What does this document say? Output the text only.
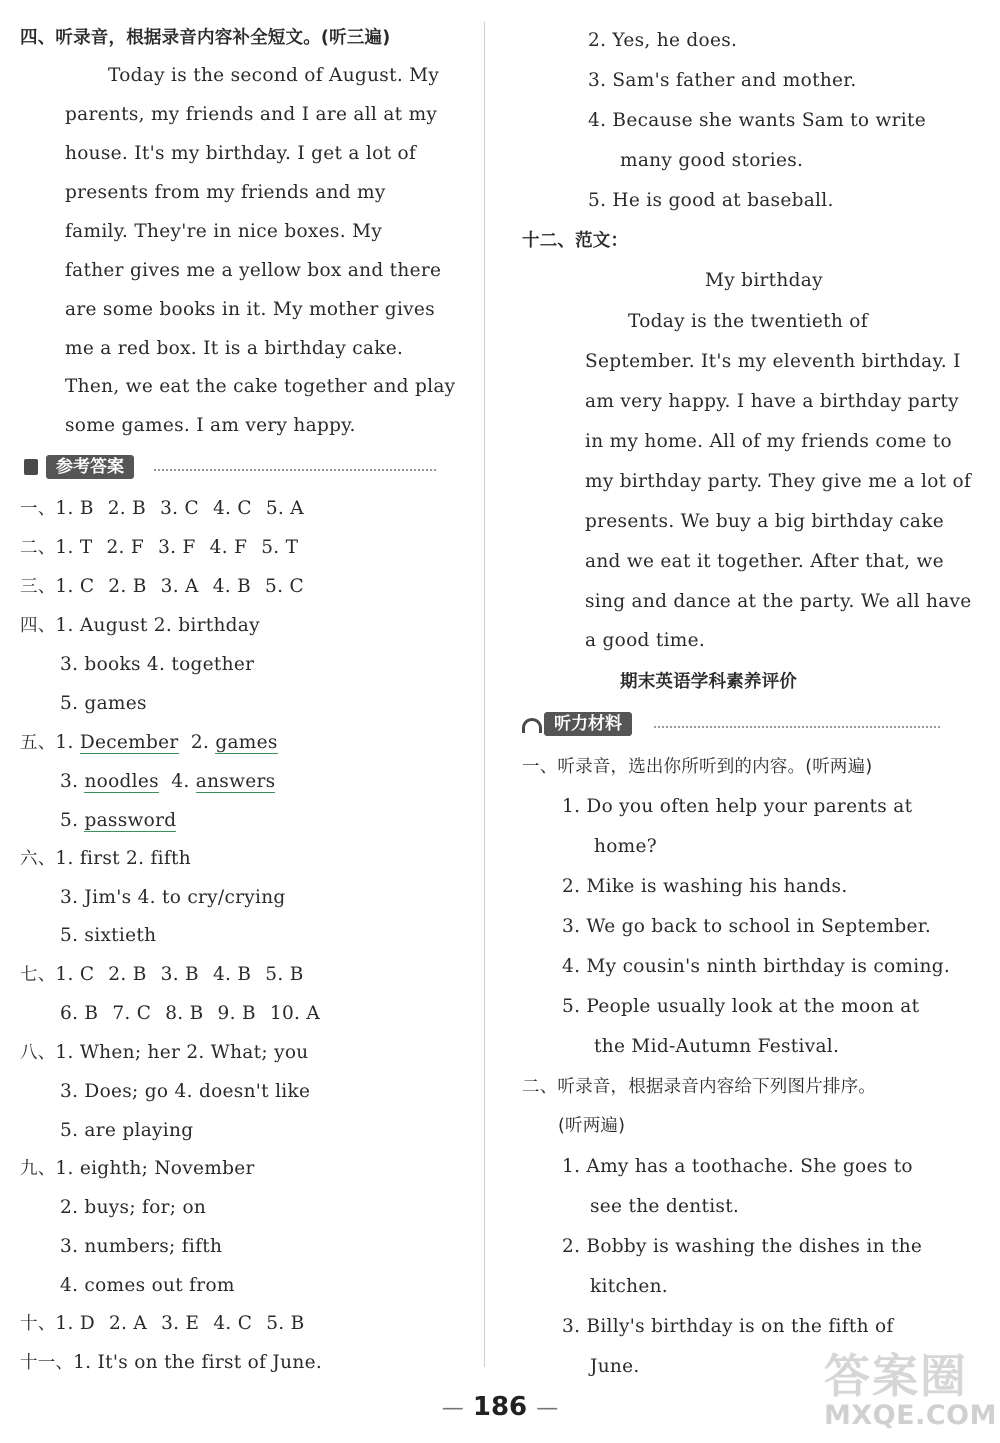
四、听录音，根据录音内容补全短文。(听三遍)
Today is the second of August. My
parents, my friends and I are all at my
house. It's my birthday. I get a lot of
presents from my friends and my
family. They're in nice boxes. My
father gives me a yellow box and there
are some books in it. My mother gives
me a red box. It is a birthday cake.
Then, we eat the cake together and play
some games. I am very happy.
参考答案
一、1. B 2. B 3. C 4. C 5. A
二、1. T 2. F 3. F 4. F 5. T
三、1. C 2. B 3. A 4. B 5. C
四、1. August 2. birthday
3. books 4. together
5. games
五、1. December  2. games
3. noodles  4. answers
5. password
六、1. first 2. fifth
3. Jim's 4. to cry/crying
5. sixtieth
七、1. C 2. B 3. B 4. B 5. B
6. B 7. C 8. B 9. B 10. A
八、1. When; her 2. What; you
3. Does; go 4. doesn't like
5. are playing
九、1. eighth; November
2. buys; for; on
3. numbers; fifth
4. comes out from
十、1. D 2. A 3. E 4. C 5. B
十一、1. It's on the first of June.
2. Yes, he does.
3. Sam's father and mother.
4. Because she wants Sam to write
many good stories.
5. He is good at baseball.
十二、范文：
My birthday
Today is the twentieth of
September. It's my eleventh birthday. I
am very happy. I have a birthday party
in my home. All of my friends come to
my birthday party. They give me a lot of
presents. We buy a big birthday cake
and we eat it together. After that, we
sing and dance at the party. We all have
a good time.
期末英语学科素养评价
听力材料
一、听录音，选出你所听到的内容。(听两遍)
1. Do you often help your parents at
home?
2. Mike is washing his hands.
3. We go back to school in September.
4. My cousin's ninth birthday is coming.
5. People usually look at the moon at
the Mid-Autumn Festival.
二、听录音，根据录音内容给下列图片排序。
(听两遍)
1. Amy has a toothache. She goes to
see the dentist.
2. Bobby is washing the dishes in the
kitchen.
3. Billy's birthday is on the fifth of
June.
— 186 —
答案圈
MXQE.COM
